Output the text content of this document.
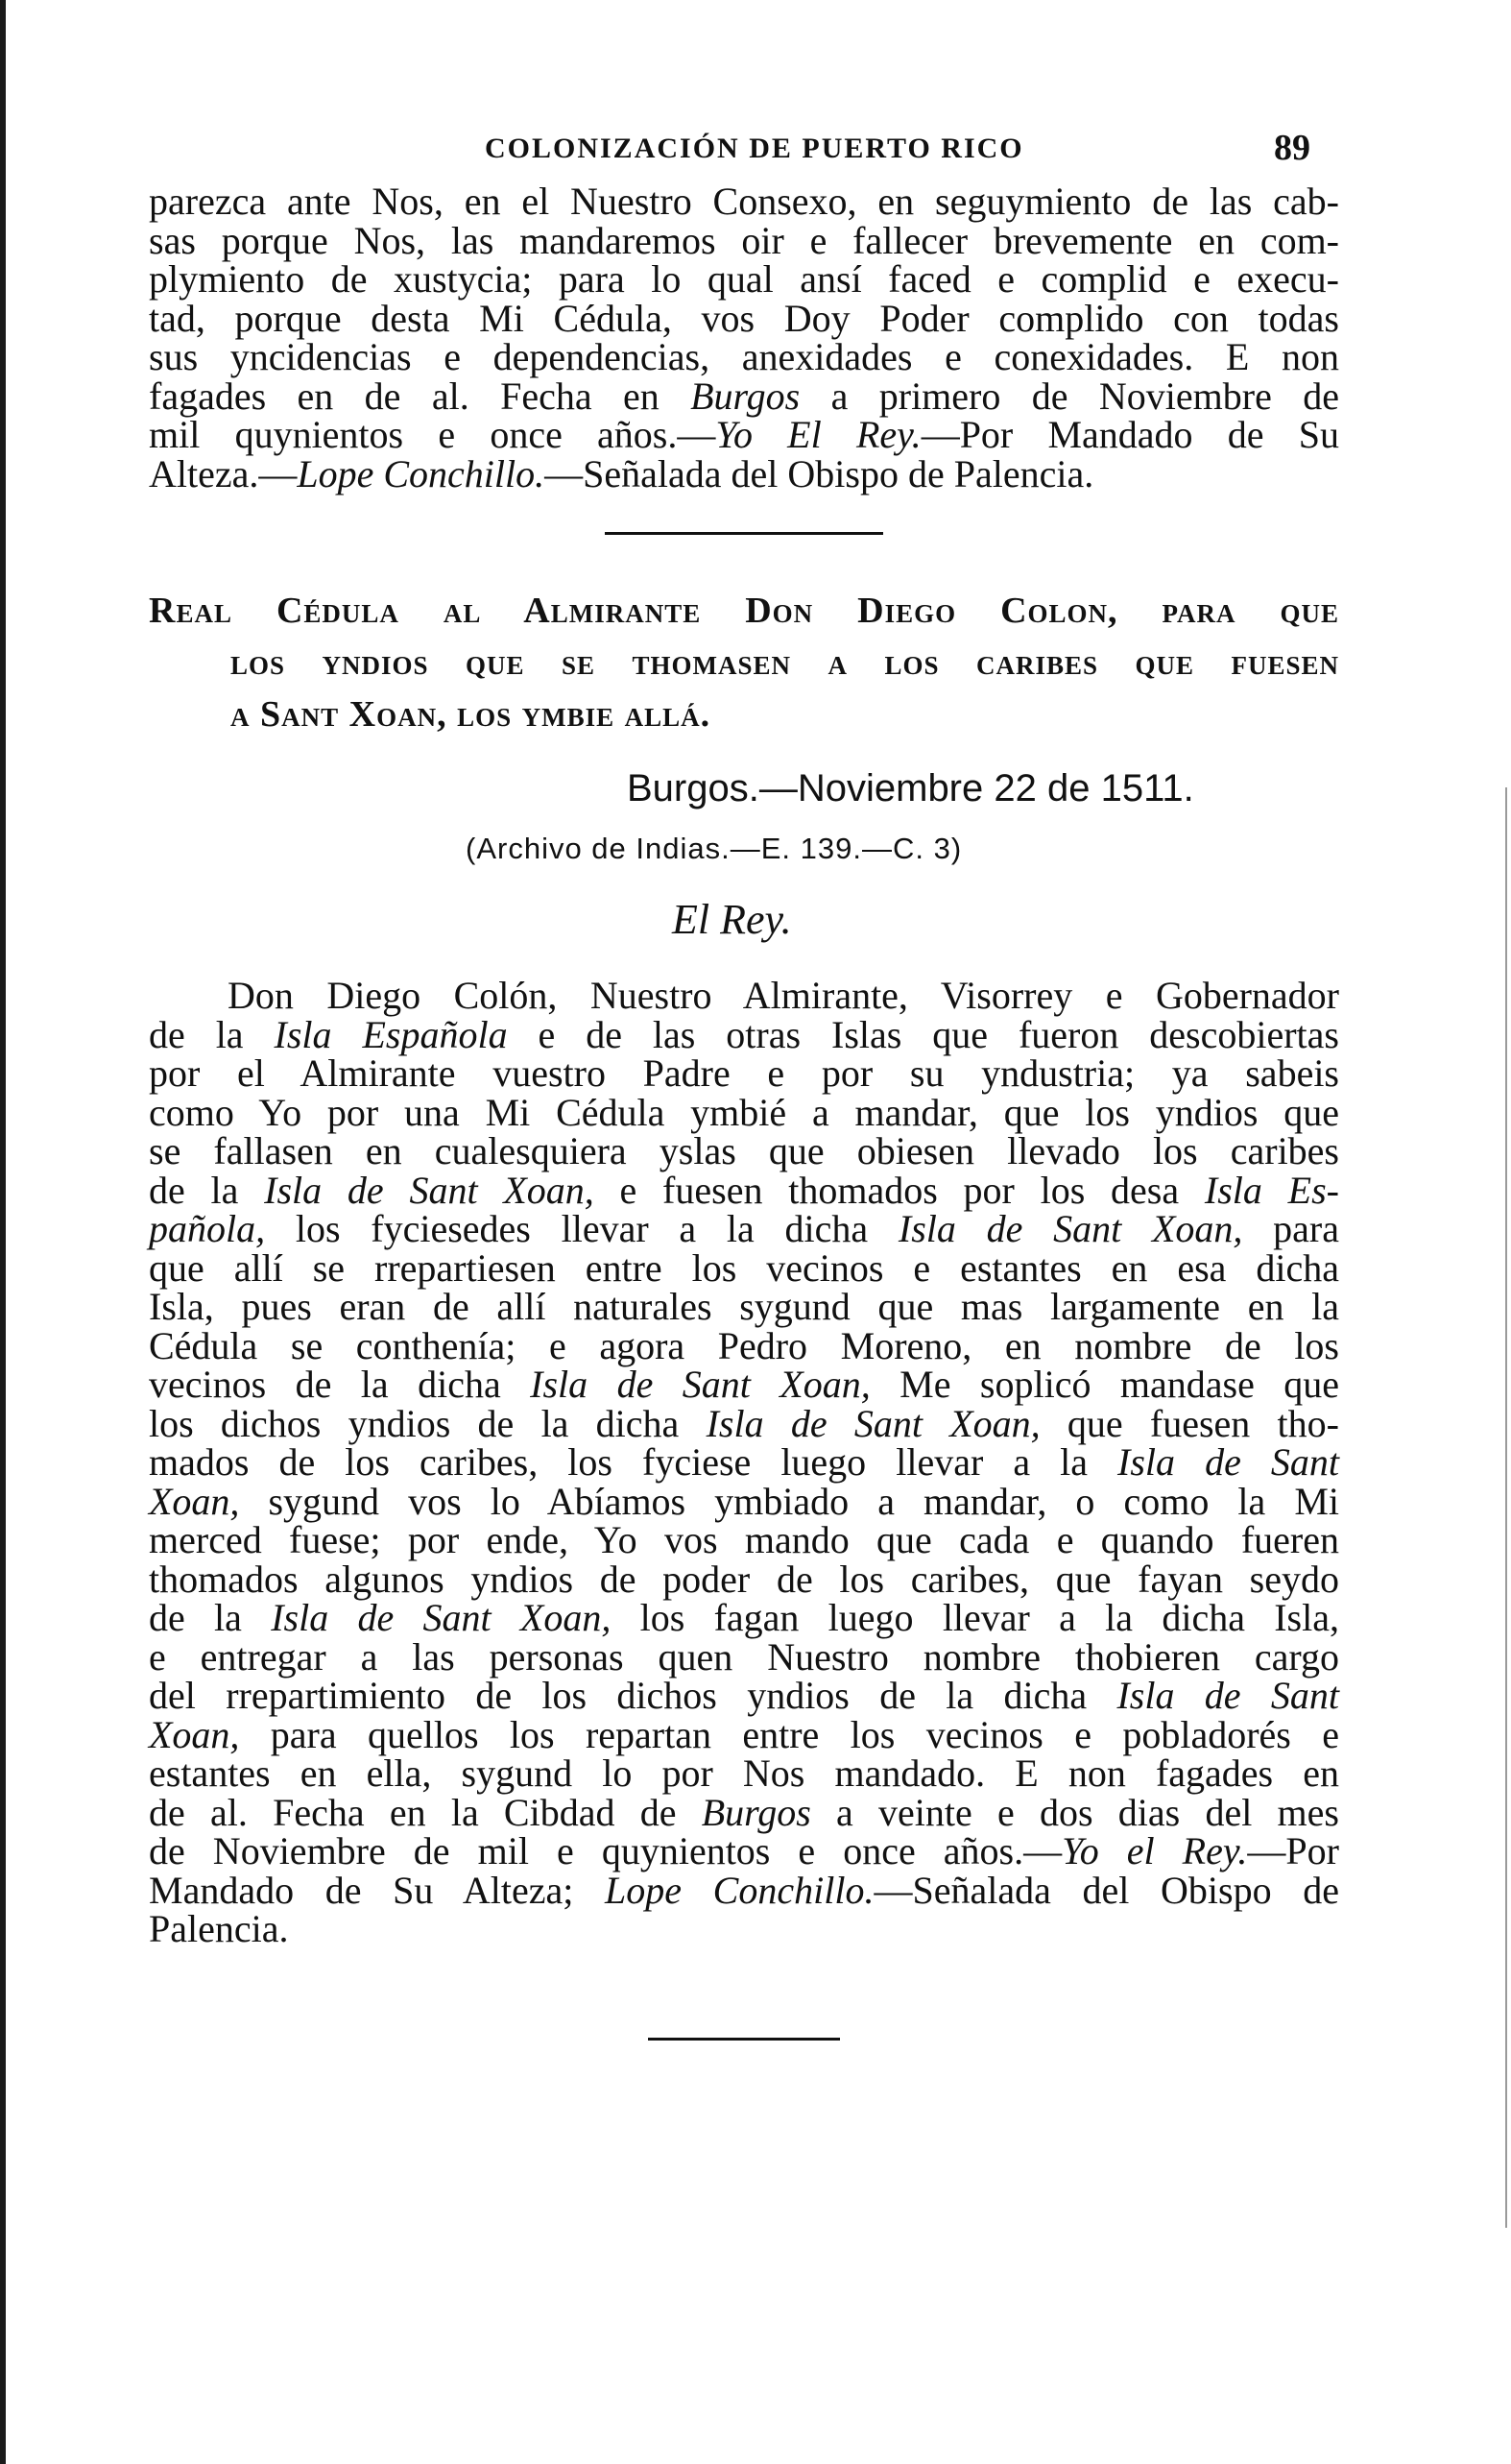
COLONIZACIÓN DE PUERTO RICO	89

parezca ante Nos, en el Nuestro Consexo, en seguymiento de las cab-
sas porque Nos, las mandaremos oir e fallecer brevemente en com-
plymiento de xustycia; para lo qual ansí faced e complid e execu-
tad, porque desta Mi Cédula, vos Doy Poder complido con todas
sus yncidencias e dependencias, anexidades e conexidades. E non
fagades en de al. Fecha en Burgos a primero de Noviembre de
mil quynientos e once años.—Yo El Rey.—Por Mandado de Su
Alteza.—Lope Conchillo.—Señalada del Obispo de Palencia.

Real Cédula al Almirante Don Diego Colon, para que
los yndios que se thomasen a los caribes que fuesen
a Sant Xoan, los ymbie allá.
Burgos.—Noviembre 22 de 1511.
(Archivo de Indias.—E. 139.—C. 3)
El Rey.

Don Diego Colón, Nuestro Almirante, Visorrey e Gobernador
de la Isla Española e de las otras Islas que fueron descobiertas
por el Almirante vuestro Padre e por su yndustria; ya sabeis
como Yo por una Mi Cédula ymbié a mandar, que los yndios que
se fallasen en cualesquiera yslas que obiesen llevado los caribes
de la Isla de Sant Xoan, e fuesen thomados por los desa Isla Es-
pañola, los fyciesedes llevar a la dicha Isla de Sant Xoan, para
que allí se rrepartiesen entre los vecinos e estantes en esa dicha
Isla, pues eran de allí naturales sygund que mas largamente en la
Cédula se conthenía; e agora Pedro Moreno, en nombre de los
vecinos de la dicha Isla de Sant Xoan, Me soplicó mandase que
los dichos yndios de la dicha Isla de Sant Xoan, que fuesen tho-
mados de los caribes, los fyciese luego llevar a la Isla de Sant
Xoan, sygund vos lo Abíamos ymbiado a mandar, o como la Mi
merced fuese; por ende, Yo vos mando que cada e quando fueren
thomados algunos yndios de poder de los caribes, que fayan seydo
de la Isla de Sant Xoan, los fagan luego llevar a la dicha Isla,
e entregar a las personas quen Nuestro nombre thobieren cargo
del rrepartimiento de los dichos yndios de la dicha Isla de Sant
Xoan, para quellos los repartan entre los vecinos e pobladorés e
estantes en ella, sygund lo por Nos mandado. E non fagades en
de al. Fecha en la Cibdad de Burgos a veinte e dos dias del mes
de Noviembre de mil e quynientos e once años.—Yo el Rey.—Por
Mandado de Su Alteza; Lope Conchillo.—Señalada del Obispo de
Palencia.
